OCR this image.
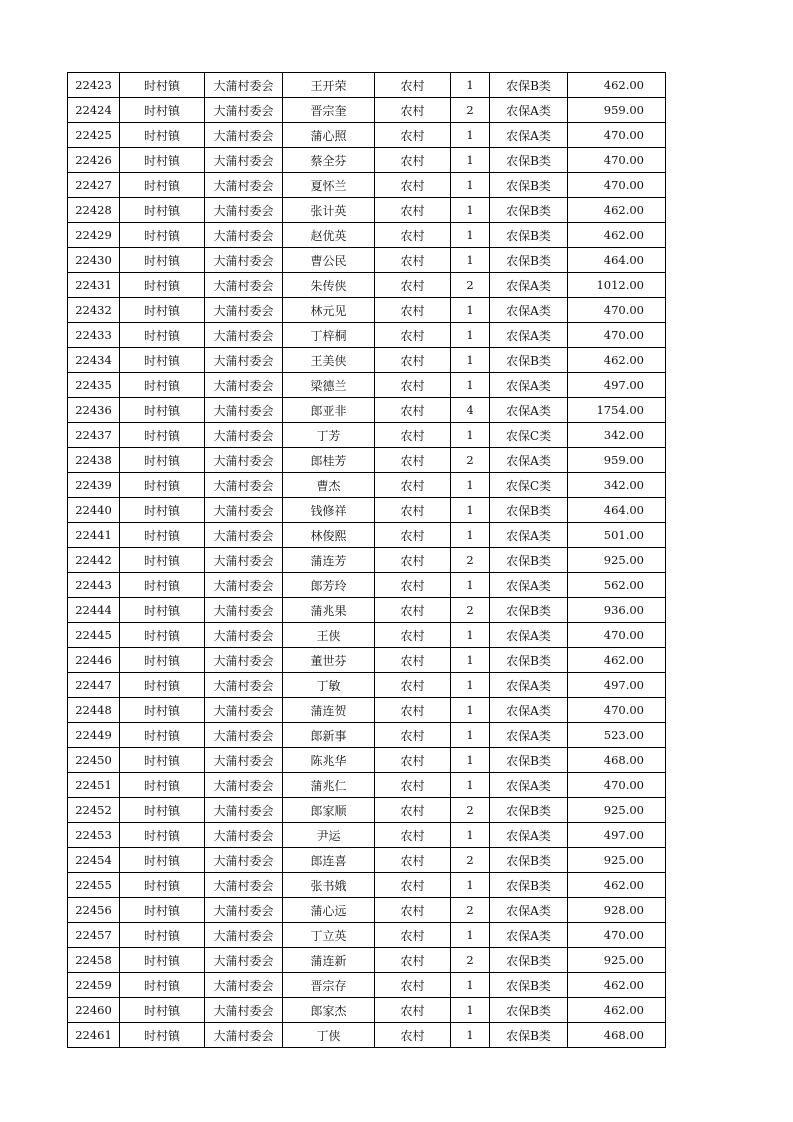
22423	时村镇	大蒲村委会	王开荣	农村	1	农保B类	462.00
22424	时村镇	大蒲村委会	晋宗奎	农村	2	农保A类	959.00
22425	时村镇	大蒲村委会	蒲心照	农村	1	农保A类	470.00
22426	时村镇	大蒲村委会	蔡全芬	农村	1	农保B类	470.00
22427	时村镇	大蒲村委会	夏怀兰	农村	1	农保B类	470.00
22428	时村镇	大蒲村委会	张计英	农村	1	农保B类	462.00
22429	时村镇	大蒲村委会	赵优英	农村	1	农保B类	462.00
22430	时村镇	大蒲村委会	曹公民	农村	1	农保B类	464.00
22431	时村镇	大蒲村委会	朱传侠	农村	2	农保A类	1012.00
22432	时村镇	大蒲村委会	林元见	农村	1	农保A类	470.00
22433	时村镇	大蒲村委会	丁梓桐	农村	1	农保A类	470.00
22434	时村镇	大蒲村委会	王美侠	农村	1	农保B类	462.00
22435	时村镇	大蒲村委会	梁德兰	农村	1	农保A类	497.00
22436	时村镇	大蒲村委会	郎亚非	农村	4	农保A类	1754.00
22437	时村镇	大蒲村委会	丁芳	农村	1	农保C类	342.00
22438	时村镇	大蒲村委会	郎桂芳	农村	2	农保A类	959.00
22439	时村镇	大蒲村委会	曹杰	农村	1	农保C类	342.00
22440	时村镇	大蒲村委会	钱修祥	农村	1	农保B类	464.00
22441	时村镇	大蒲村委会	林俊熙	农村	1	农保A类	501.00
22442	时村镇	大蒲村委会	蒲连芳	农村	2	农保B类	925.00
22443	时村镇	大蒲村委会	郎芳玲	农村	1	农保A类	562.00
22444	时村镇	大蒲村委会	蒲兆果	农村	2	农保B类	936.00
22445	时村镇	大蒲村委会	王侠	农村	1	农保A类	470.00
22446	时村镇	大蒲村委会	董世芬	农村	1	农保B类	462.00
22447	时村镇	大蒲村委会	丁敏	农村	1	农保A类	497.00
22448	时村镇	大蒲村委会	蒲连贺	农村	1	农保A类	470.00
22449	时村镇	大蒲村委会	郎新事	农村	1	农保A类	523.00
22450	时村镇	大蒲村委会	陈兆华	农村	1	农保B类	468.00
22451	时村镇	大蒲村委会	蒲兆仁	农村	1	农保A类	470.00
22452	时村镇	大蒲村委会	郎家顺	农村	2	农保B类	925.00
22453	时村镇	大蒲村委会	尹运	农村	1	农保A类	497.00
22454	时村镇	大蒲村委会	郎连喜	农村	2	农保B类	925.00
22455	时村镇	大蒲村委会	张书娥	农村	1	农保B类	462.00
22456	时村镇	大蒲村委会	蒲心远	农村	2	农保A类	928.00
22457	时村镇	大蒲村委会	丁立英	农村	1	农保A类	470.00
22458	时村镇	大蒲村委会	蒲连新	农村	2	农保B类	925.00
22459	时村镇	大蒲村委会	晋宗存	农村	1	农保B类	462.00
22460	时村镇	大蒲村委会	郎家杰	农村	1	农保B类	462.00
22461	时村镇	大蒲村委会	丁侠	农村	1	农保B类	468.00
